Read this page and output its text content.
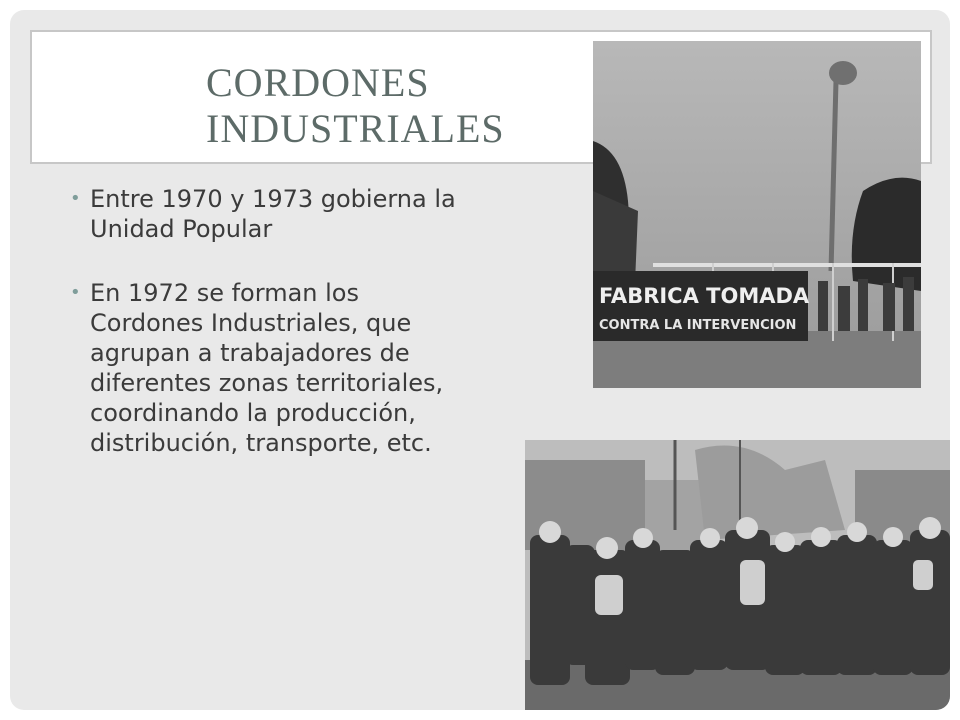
CORDONES
INDUSTRIALES
• Entre 1970 y 1973 gobierna la Unidad Popular
• En 1972 se forman los Cordones Industriales, que agrupan a trabajadores de diferentes zonas territoriales, coordinando la producción, distribución, transporte, etc.
FABRICA TOMADA
CONTRA LA INTERVENCION
